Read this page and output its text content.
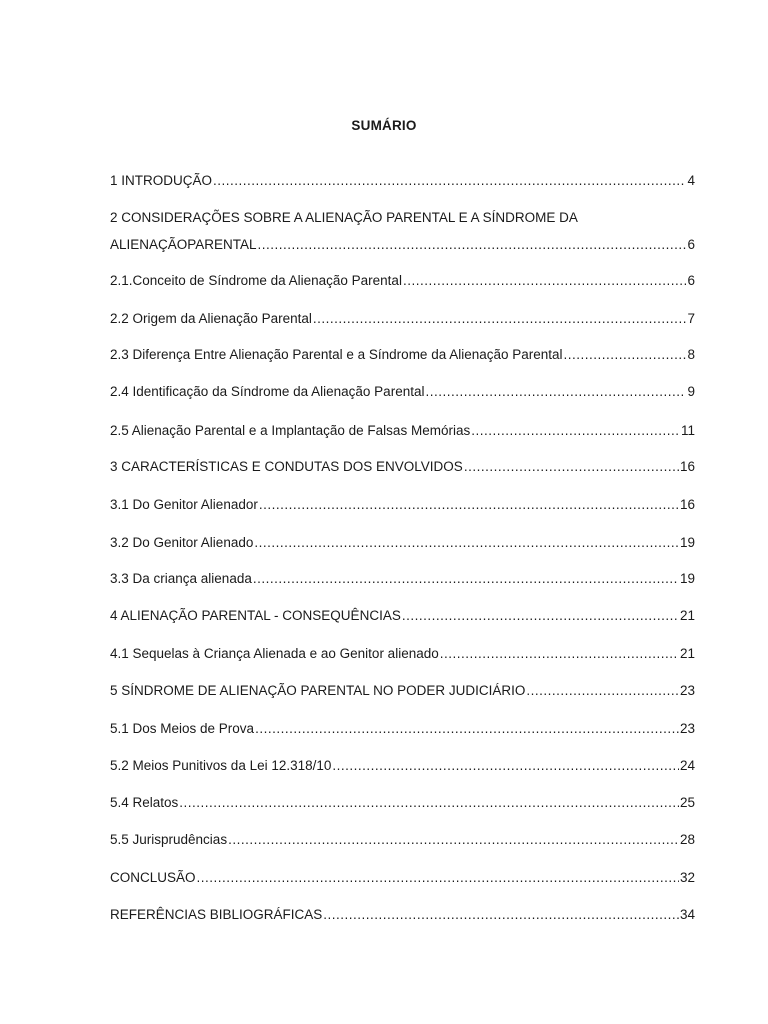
SUMÁRIO
1 INTRODUÇÃO .....	4
2 CONSIDERAÇÕES SOBRE A ALIENAÇÃO PARENTAL E A SÍNDROME DA
ALIENAÇÃOPARENTAL .....	6
2.1.Conceito de Síndrome da Alienação Parental .....	6
2.2 Origem da Alienação Parental .....	7
2.3 Diferença Entre Alienação Parental e a Síndrome da Alienação Parental .....	8
2.4 Identificação da Síndrome da Alienação Parental .....	9
2.5 Alienação Parental e a Implantação de Falsas Memórias .....	11
3 CARACTERÍSTICAS E CONDUTAS DOS ENVOLVIDOS .....	16
3.1 Do Genitor Alienador .....	16
3.2 Do Genitor Alienado .....	19
3.3 Da criança alienada .....	19
4 ALIENAÇÃO PARENTAL - CONSEQUÊNCIAS .....	21
4.1 Sequelas à Criança Alienada e ao Genitor alienado .....	21
5 SÍNDROME DE ALIENAÇÃO PARENTAL NO PODER JUDICIÁRIO .....	23
5.1 Dos Meios de Prova .....	23
5.2 Meios Punitivos da Lei 12.318/10 .....	24
5.4 Relatos .....	25
5.5 Jurisprudências .....	28
CONCLUSÃO .....	32
REFERÊNCIAS BIBLIOGRÁFICAS .....	34
